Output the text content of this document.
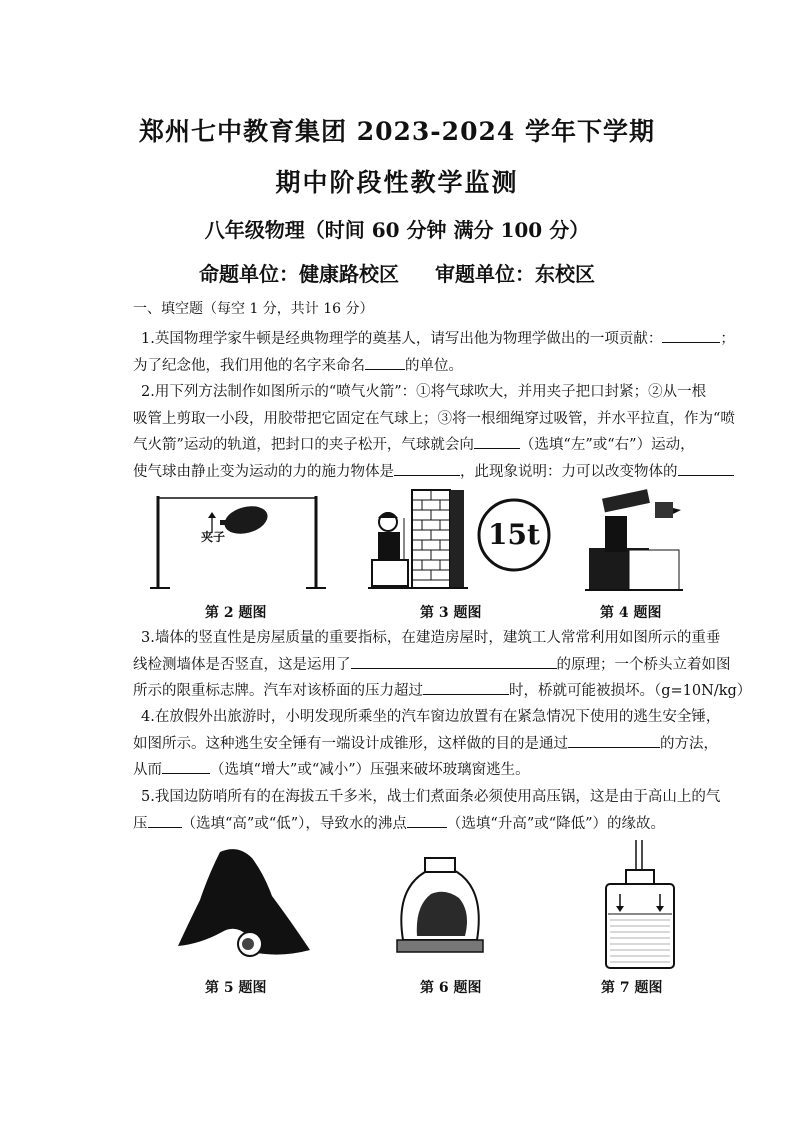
郑州七中教育集团 2023-2024 学年下学期
期中阶段性教学监测
八年级物理（时间 60 分钟 满分 100 分）
命题单位：健康路校区 审题单位：东校区
一、填空题（每空 1 分，共计 16 分）
1.英国物理学家牛顿是经典物理学的奠基人，请写出他为物理学做出的一项贡献：	；
为了纪念他，我们用他的名字来命名	的单位。
2.用下列方法制作如图所示的“喷气火箭”：①将气球吹大，并用夹子把口封紧；②从一根
吸管上剪取一小段，用胶带把它固定在气球上；③将一根细绳穿过吸管，并水平拉直，作为“喷
气火箭”运动的轨道，把封口的夹子松开，气球就会向	（选填“左”或“右”）运动，
使气球由静止变为运动的力的施力物体是	，此现象说明：力可以改变物体的
夹子	15t
第 2 题图	第 3 题图	第 4 题图
3.墙体的竖直性是房屋质量的重要指标，在建造房屋时，建筑工人常常利用如图所示的重垂
线检测墙体是否竖直，这是运用了	的原理；一个桥头立着如图
所示的限重标志牌。汽车对该桥面的压力超过	时，桥就可能被损坏。（g=10N/kg）
4.在放假外出旅游时，小明发现所乘坐的汽车窗边放置有在紧急情况下使用的逃生安全锤，
如图所示。这种逃生安全锤有一端设计成锥形，这样做的目的是通过	的方法，
从而	（选填“增大”或“减小”）压强来破坏玻璃窗逃生。
5.我国边防哨所有的在海拔五千多米，战士们煮面条必须使用高压锅，这是由于高山上的气
压 （选填“高”或“低”），导致水的沸点	（选填“升高”或“降低”）的缘故。
第 5 题图	第 6 题图	第 7 题图
